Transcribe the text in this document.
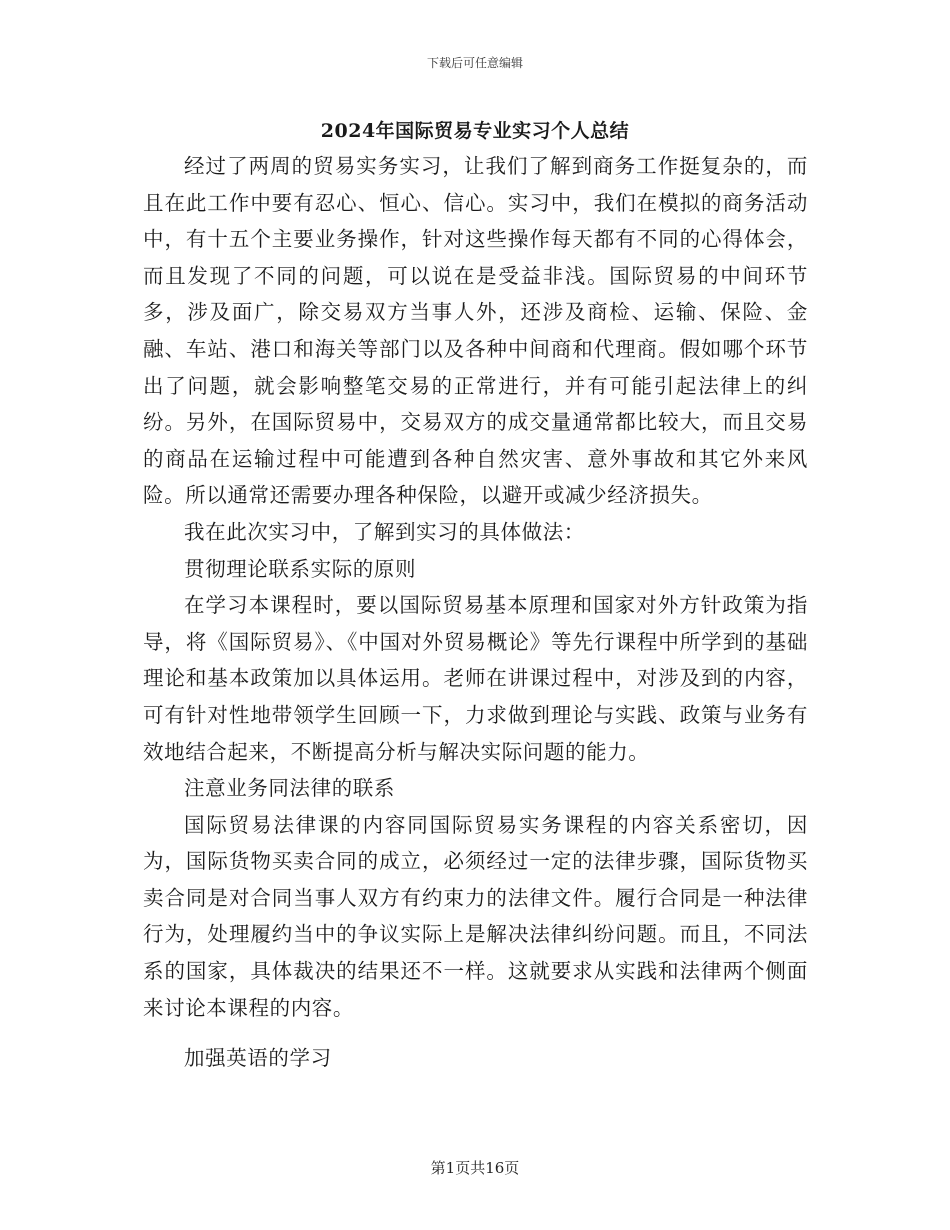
下载后可任意编辑
2024年国际贸易专业实习个人总结

经过了两周的贸易实务实习，让我们了解到商务工作挺复杂的，而且在此工作中要有忍心、恒心、信心。实习中，我们在模拟的商务活动中，有十五个主要业务操作，针对这些操作每天都有不同的心得体会，而且发现了不同的问题，可以说在是受益非浅。国际贸易的中间环节多，涉及面广，除交易双方当事人外，还涉及商检、运输、保险、金融、车站、港口和海关等部门以及各种中间商和代理商。假如哪个环节出了问题，就会影响整笔交易的正常进行，并有可能引起法律上的纠纷。另外，在国际贸易中，交易双方的成交量通常都比较大，而且交易的商品在运输过程中可能遭到各种自然灾害、意外事故和其它外来风险。所以通常还需要办理各种保险，以避开或减少经济损失。

我在此次实习中，了解到实习的具体做法：

贯彻理论联系实际的原则

在学习本课程时，要以国际贸易基本原理和国家对外方针政策为指导，将《国际贸易》、《中国对外贸易概论》等先行课程中所学到的基础理论和基本政策加以具体运用。老师在讲课过程中，对涉及到的内容，可有针对性地带领学生回顾一下，力求做到理论与实践、政策与业务有效地结合起来，不断提高分析与解决实际问题的能力。

注意业务同法律的联系

国际贸易法律课的内容同国际贸易实务课程的内容关系密切，因为，国际货物买卖合同的成立，必须经过一定的法律步骤，国际货物买卖合同是对合同当事人双方有约束力的法律文件。履行合同是一种法律行为，处理履约当中的争议实际上是解决法律纠纷问题。而且，不同法系的国家，具体裁决的结果还不一样。这就要求从实践和法律两个侧面来讨论本课程的内容。

加强英语的学习

第1页共16页
